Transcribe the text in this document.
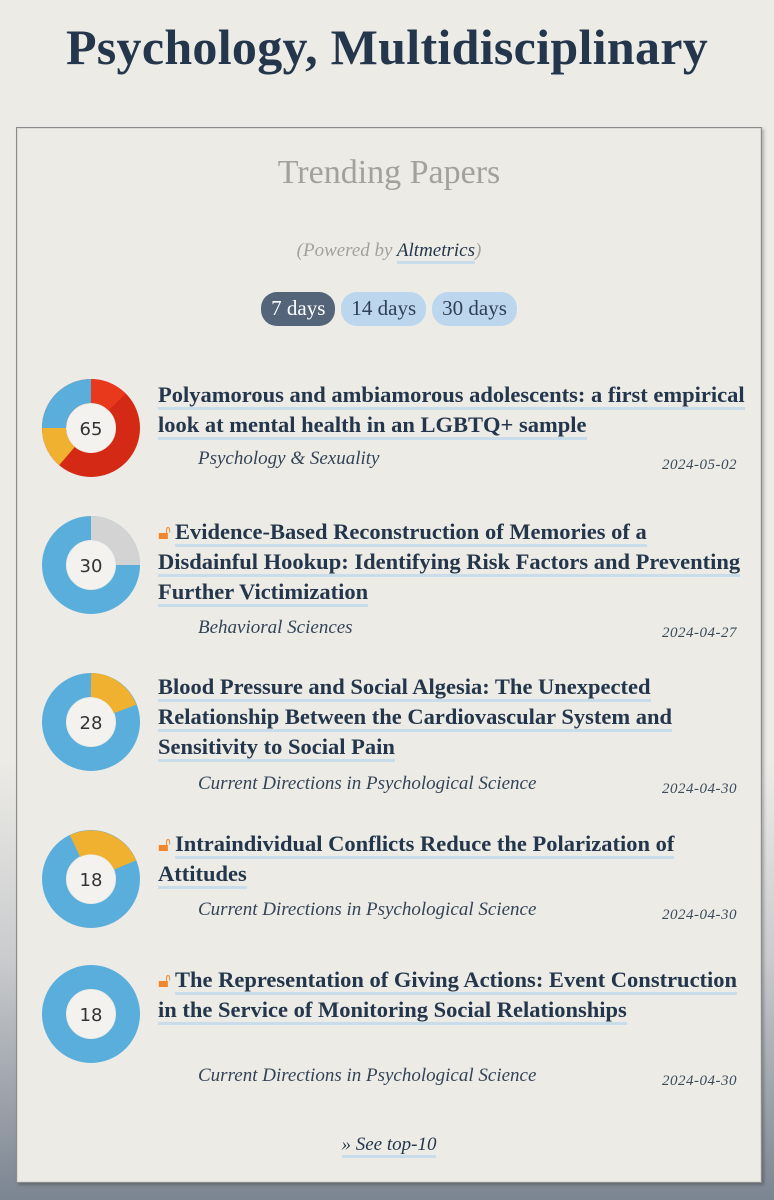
Psychology, Multidisciplinary
Trending Papers
(Powered by Altmetrics)
7 days 14 days 30 days
65
Polyamorous and ambiamorous adolescents: a first empirical look at mental health in an LGBTQ+ sample
Psychology & Sexuality	2024-05-02
30
🔓︎ Evidence-Based Reconstruction of Memories of a Disdainful Hookup: Identifying Risk Factors and Preventing Further Victimization
Behavioral Sciences	2024-04-27
28
Blood Pressure and Social Algesia: The Unexpected Relationship Between the Cardiovascular System and Sensitivity to Social Pain
Current Directions in Psychological Science	2024-04-30
18
🔓︎ Intraindividual Conflicts Reduce the Polarization of Attitudes
Current Directions in Psychological Science	2024-04-30
18
🔓︎ The Representation of Giving Actions: Event Construction in the Service of Monitoring Social Relationships
Current Directions in Psychological Science	2024-04-30
» See top-10
